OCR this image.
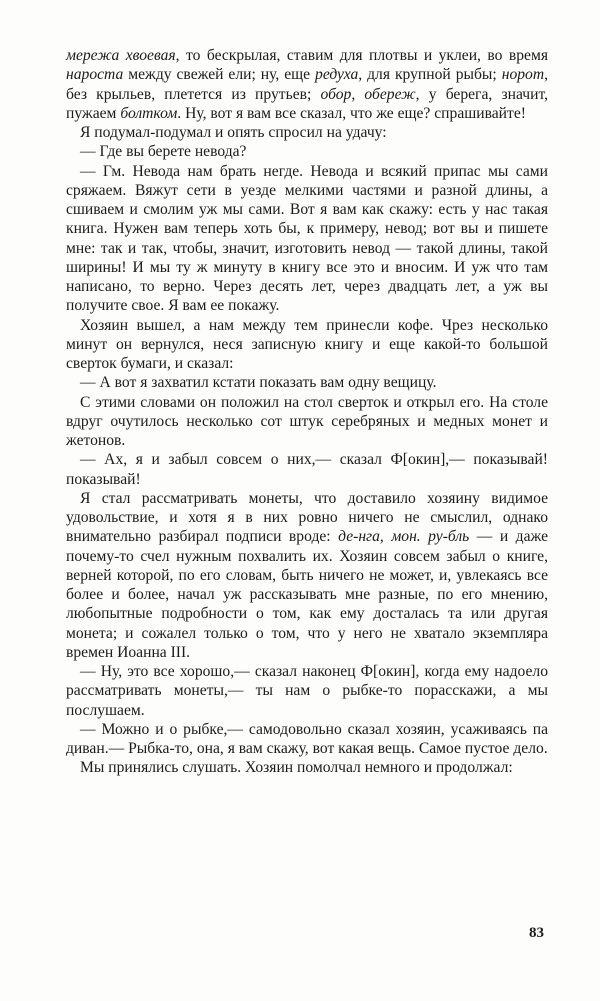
мережа хвоевая, то бескрылая, ставим для плотвы и уклеи, во время нароста между свежей ели; ну, еще редуха, для крупной рыбы; норот, без крыльев, плетется из прутьев; обор, обереж, у берега, значит, пужаем болтком. Ну, вот я вам все сказал, что же еще? спрашивайте!

Я подумал-подумал и опять спросил на удачу:

— Где вы берете невода?

— Гм. Невода нам брать негде. Невода и всякий припас мы сами сряжаем. Вяжут сети в уезде мелкими частями и разной длины, а сшиваем и смолим уж мы сами. Вот я вам как скажу: есть у нас такая книга. Нужен вам теперь хоть бы, к примеру, невод; вот вы и пишете мне: так и так, чтобы, значит, изготовить невод — такой длины, такой ширины! И мы ту ж минуту в книгу все это и вносим. И уж что там написано, то верно. Через десять лет, через двадцать лет, а уж вы получите свое. Я вам ее покажу.

Хозяин вышел, а нам между тем принесли кофе. Чрез несколько минут он вернулся, неся записную книгу и еще какой-то большой сверток бумаги, и сказал:

— А вот я захватил кстати показать вам одну вещицу.

С этими словами он положил на стол сверток и открыл его. На столе вдруг очутилось несколько сот штук серебряных и медных монет и жетонов.

— Ах, я и забыл совсем о них,— сказал Ф[окин],— показывай! показывай!

Я стал рассматривать монеты, что доставило хозяину видимое удовольствие, и хотя я в них ровно ничего не смыслил, однако внимательно разбирал подписи вроде: де-нга, мон. ру-бль — и даже почему-то счел нужным похвалить их. Хозяин совсем забыл о книге, верней которой, по его словам, быть ничего не может, и, увлекаясь все более и более, начал уж рассказывать мне разные, по его мнению, любопытные подробности о том, как ему досталась та или другая монета; и сожалел только о том, что у него не хватало экземпляра времен Иоанна III.

— Ну, это все хорошо,— сказал наконец Ф[окин], когда ему надоело рассматривать монеты,— ты нам о рыбке-то порасскажи, а мы послушаем.

— Можно и о рыбке,— самодовольно сказал хозяин, усаживаясь па диван.— Рыбка-то, она, я вам скажу, вот какая вещь. Самое пустое дело.

Мы принялись слушать. Хозяин помолчал немного и продолжал:

83
